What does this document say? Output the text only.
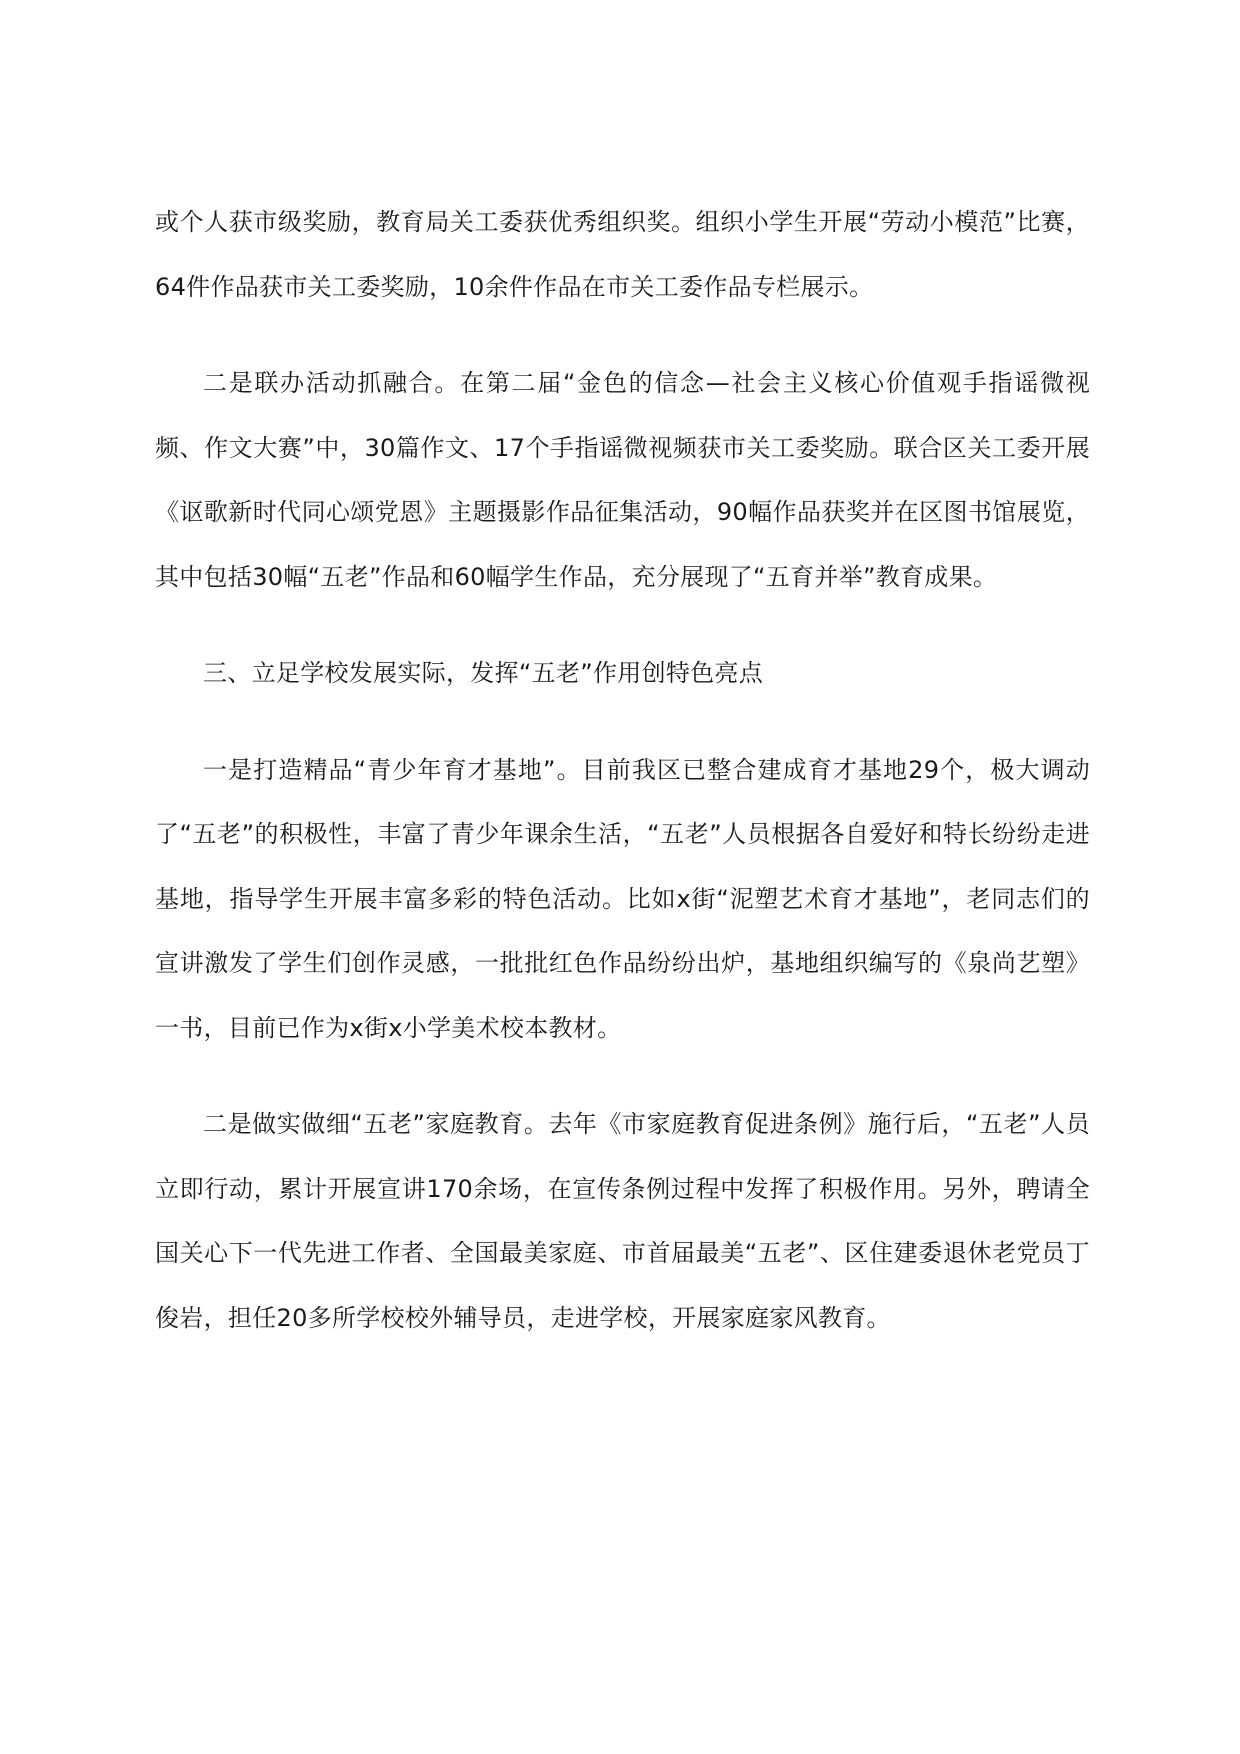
或个人获市级奖励，教育局关工委获优秀组织奖。组织小学生开展“劳动小模范”比赛，64件作品获市关工委奖励，10余件作品在市关工委作品专栏展示。

二是联办活动抓融合。在第二届“金色的信念—社会主义核心价值观手指谣微视频、作文大赛”中，30篇作文、17个手指谣微视频获市关工委奖励。联合区关工委开展《讴歌新时代同心颂党恩》主题摄影作品征集活动，90幅作品获奖并在区图书馆展览，其中包括30幅“五老”作品和60幅学生作品，充分展现了“五育并举”教育成果。

三、立足学校发展实际，发挥“五老”作用创特色亮点

一是打造精品“青少年育才基地”。目前我区已整合建成育才基地29个，极大调动了“五老”的积极性，丰富了青少年课余生活，“五老”人员根据各自爱好和特长纷纷走进基地，指导学生开展丰富多彩的特色活动。比如x街“泥塑艺术育才基地”，老同志们的宣讲激发了学生们创作灵感，一批批红色作品纷纷出炉，基地组织编写的《泉尚艺塑》一书，目前已作为x街x小学美术校本教材。

二是做实做细“五老”家庭教育。去年《市家庭教育促进条例》施行后，“五老”人员立即行动，累计开展宣讲170余场，在宣传条例过程中发挥了积极作用。另外，聘请全国关心下一代先进工作者、全国最美家庭、市首届最美“五老”、区住建委退休老党员丁俊岩，担任20多所学校校外辅导员，走进学校，开展家庭家风教育。
